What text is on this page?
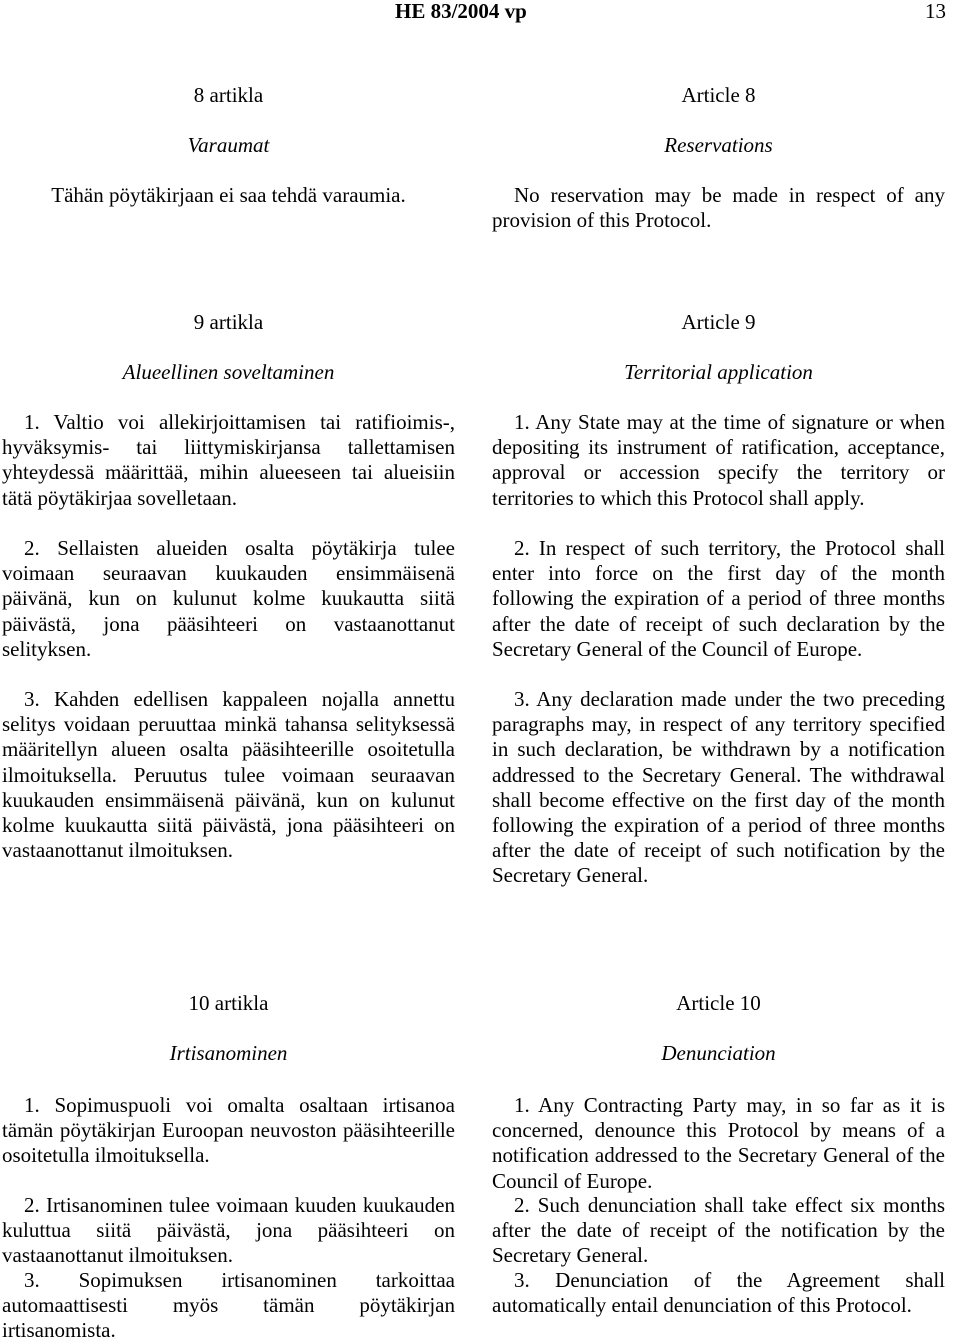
HE 83/2004 vp	13
8 artikla
Varaumat
Tähän pöytäkirjaan ei saa tehdä varaumia.
Article 8
Reservations
No reservation may be made in respect of any provision of this Protocol.
9 artikla
Alueellinen soveltaminen
1. Valtio voi allekirjoittamisen tai ratifioimis-, hyväksymis- tai liittymiskirjansa tallettamisen yhteydessä määrittää, mihin alueeseen tai alueisiin tätä pöytäkirjaa sovelletaan.
2. Sellaisten alueiden osalta pöytäkirja tulee voimaan seuraavan kuukauden ensimmäisenä päivänä, kun on kulunut kolme kuukautta siitä päivästä, jona pääsihteeri on vastaanottanut selityksen.
3. Kahden edellisen kappaleen nojalla annettu selitys voidaan peruuttaa minkä tahansa selityksessä määritellyn alueen osalta pääsihteerille osoitetulla ilmoituksella. Peruutus tulee voimaan seuraavan kuukauden ensimmäisenä päivänä, kun on kulunut kolme kuukautta siitä päivästä, jona pääsihteeri on vastaanottanut ilmoituksen.
Article 9
Territorial application
1. Any State may at the time of signature or when depositing its instrument of ratification, acceptance, approval or accession specify the territory or territories to which this Protocol shall apply.
2. In respect of such territory, the Protocol shall enter into force on the first day of the month following the expiration of a period of three months after the date of receipt of such declaration by the Secretary General of the Council of Europe.
3. Any declaration made under the two preceding paragraphs may, in respect of any territory specified in such declaration, be withdrawn by a notification addressed to the Secretary General. The withdrawal shall become effective on the first day of the month following the expiration of a period of three months after the date of receipt of such notification by the Secretary General.
10 artikla
Irtisanominen
1. Sopimuspuoli voi omalta osaltaan irtisanoa tämän pöytäkirjan Euroopan neuvoston pääsihteerille osoitetulla ilmoituksella.
2. Irtisanominen tulee voimaan kuuden kuukauden kuluttua siitä päivästä, jona pääsihteeri on vastaanottanut ilmoituksen.
3. Sopimuksen irtisanominen tarkoittaa automaattisesti myös tämän pöytäkirjan irtisanomista.
Article 10
Denunciation
1. Any Contracting Party may, in so far as it is concerned, denounce this Protocol by means of a notification addressed to the Secretary General of the Council of Europe.
2. Such denunciation shall take effect six months after the date of receipt of the notification by the Secretary General.
3. Denunciation of the Agreement shall automatically entail denunciation of this Protocol.
